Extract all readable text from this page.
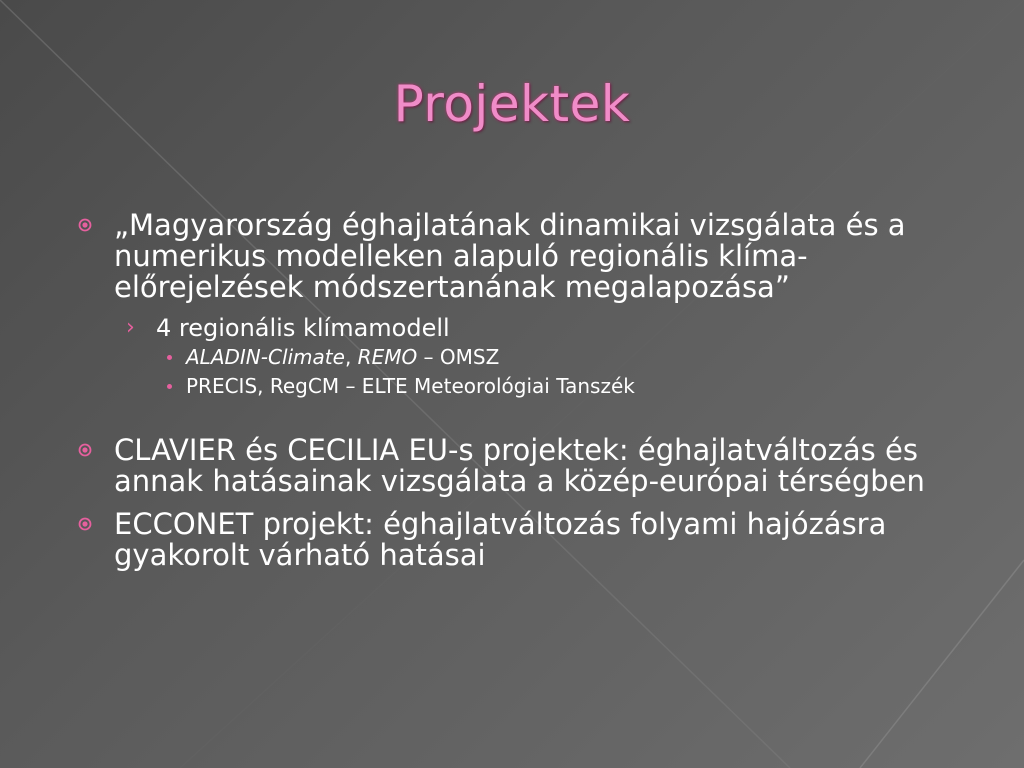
Projektek
„Magyarország éghajlatának dinamikai vizsgálata és a numerikus modelleken alapuló regionális klíma-előrejelzések módszertanának megalapozása”
› 4 regionális klímamodell
ALADIN-Climate, REMO – OMSZ
PRECIS, RegCM – ELTE Meteorológiai Tanszék
CLAVIER és CECILIA EU-s projektek: éghajlatváltozás és annak hatásainak vizsgálata a közép-európai térségben
ECCONET projekt: éghajlatváltozás folyami hajózásra gyakorolt várható hatásai
